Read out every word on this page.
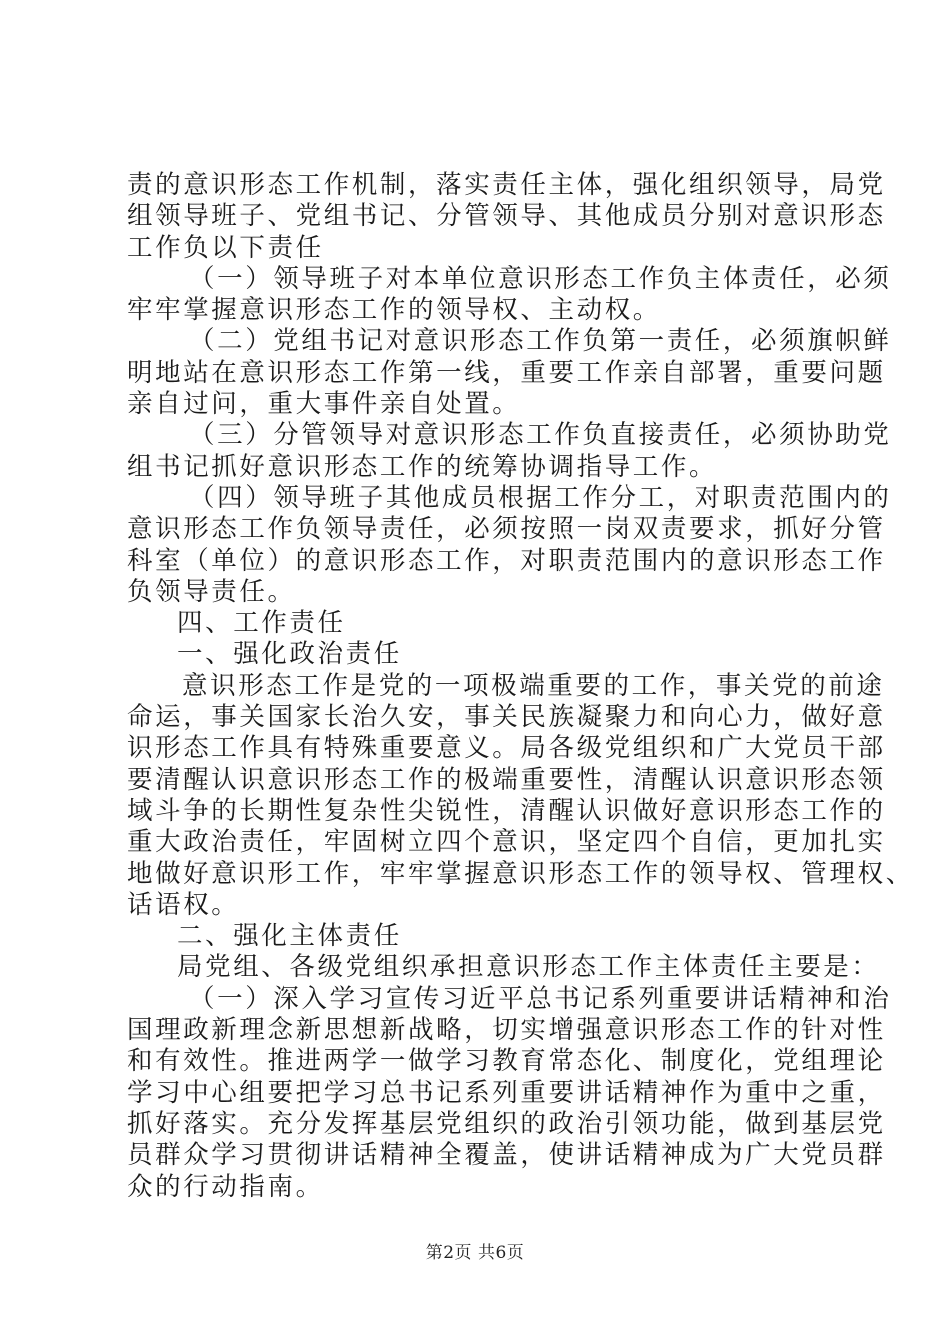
责的意识形态工作机制，落实责任主体，强化组织领导，局党
组领导班子、党组书记、分管领导、其他成员分别对意识形态
工作负以下责任
（一）领导班子对本单位意识形态工作负主体责任，必须
牢牢掌握意识形态工作的领导权、主动权。
（二）党组书记对意识形态工作负第一责任，必须旗帜鲜
明地站在意识形态工作第一线，重要工作亲自部署，重要问题
亲自过问，重大事件亲自处置。
（三）分管领导对意识形态工作负直接责任，必须协助党
组书记抓好意识形态工作的统筹协调指导工作。
（四）领导班子其他成员根据工作分工，对职责范围内的
意识形态工作负领导责任，必须按照一岗双责要求，抓好分管
科室（单位）的意识形态工作，对职责范围内的意识形态工作
负领导责任。
四、工作责任
一、强化政治责任
意识形态工作是党的一项极端重要的工作，事关党的前途
命运，事关国家长治久安，事关民族凝聚力和向心力，做好意
识形态工作具有特殊重要意义。局各级党组织和广大党员干部
要清醒认识意识形态工作的极端重要性，清醒认识意识形态领
域斗争的长期性复杂性尖锐性，清醒认识做好意识形态工作的
重大政治责任，牢固树立四个意识，坚定四个自信，更加扎实
地做好意识形工作，牢牢掌握意识形态工作的领导权、管理权、
话语权。
二、强化主体责任
局党组、各级党组织承担意识形态工作主体责任主要是：
（一）深入学习宣传习近平总书记系列重要讲话精神和治
国理政新理念新思想新战略，切实增强意识形态工作的针对性
和有效性。推进两学一做学习教育常态化、制度化，党组理论
学习中心组要把学习总书记系列重要讲话精神作为重中之重，
抓好落实。充分发挥基层党组织的政治引领功能，做到基层党
员群众学习贯彻讲话精神全覆盖，使讲话精神成为广大党员群
众的行动指南。
第2页 共6页
